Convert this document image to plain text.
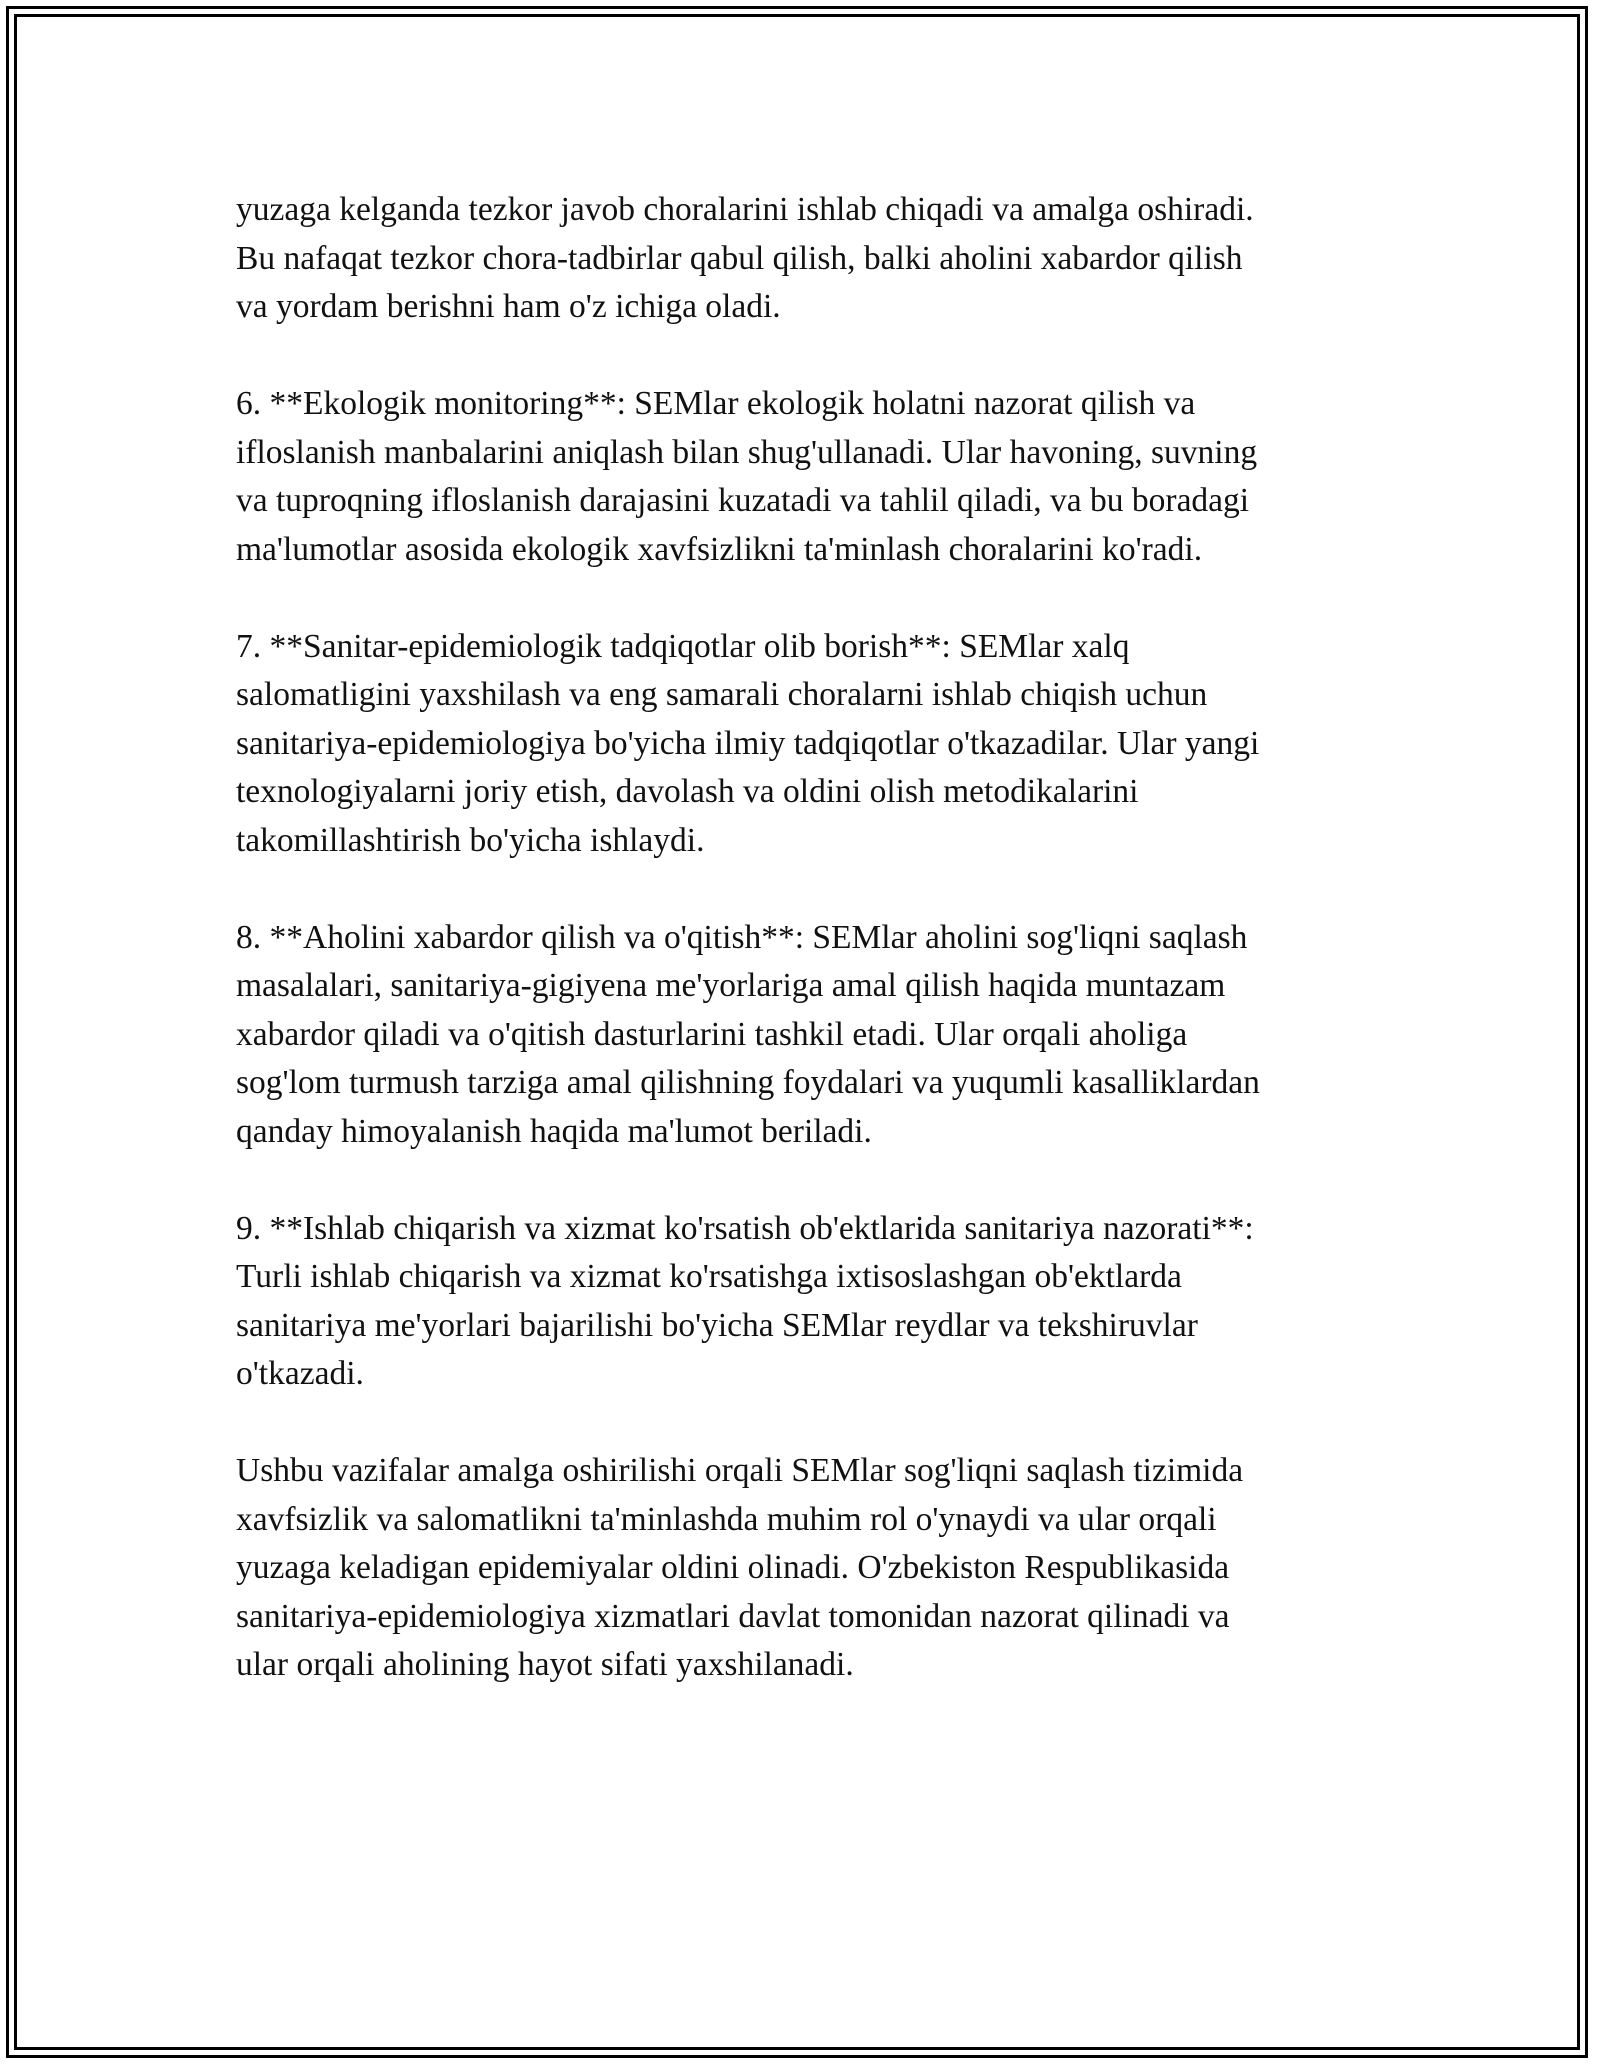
yuzaga kelganda tezkor javob choralarini ishlab chiqadi va amalga oshiradi.
Bu nafaqat tezkor chora-tadbirlar qabul qilish, balki aholini xabardor qilish
va yordam berishni ham o'z ichiga oladi.

6. **Ekologik monitoring**: SEMlar ekologik holatni nazorat qilish va
ifloslanish manbalarini aniqlash bilan shug'ullanadi. Ular havoning, suvning
va tuproqning ifloslanish darajasini kuzatadi va tahlil qiladi, va bu boradagi
ma'lumotlar asosida ekologik xavfsizlikni ta'minlash choralarini ko'radi.

7. **Sanitar-epidemiologik tadqiqotlar olib borish**: SEMlar xalq
salomatligini yaxshilash va eng samarali choralarni ishlab chiqish uchun
sanitariya-epidemiologiya bo'yicha ilmiy tadqiqotlar o'tkazadilar. Ular yangi
texnologiyalarni joriy etish, davolash va oldini olish metodikalarini
takomillashtirish bo'yicha ishlaydi.

8. **Aholini xabardor qilish va o'qitish**: SEMlar aholini sog'liqni saqlash
masalalari, sanitariya-gigiyena me'yorlariga amal qilish haqida muntazam
xabardor qiladi va o'qitish dasturlarini tashkil etadi. Ular orqali aholiga
sog'lom turmush tarziga amal qilishning foydalari va yuqumli kasalliklardan
qanday himoyalanish haqida ma'lumot beriladi.

9. **Ishlab chiqarish va xizmat ko'rsatish ob'ektlarida sanitariya nazorati**:
Turli ishlab chiqarish va xizmat ko'rsatishga ixtisoslashgan ob'ektlarda
sanitariya me'yorlari bajarilishi bo'yicha SEMlar reydlar va tekshiruvlar
o'tkazadi.

Ushbu vazifalar amalga oshirilishi orqali SEMlar sog'liqni saqlash tizimida
xavfsizlik va salomatlikni ta'minlashda muhim rol o'ynaydi va ular orqali
yuzaga keladigan epidemiyalar oldini olinadi. O'zbekiston Respublikasida
sanitariya-epidemiologiya xizmatlari davlat tomonidan nazorat qilinadi va
ular orqali aholining hayot sifati yaxshilanadi.
